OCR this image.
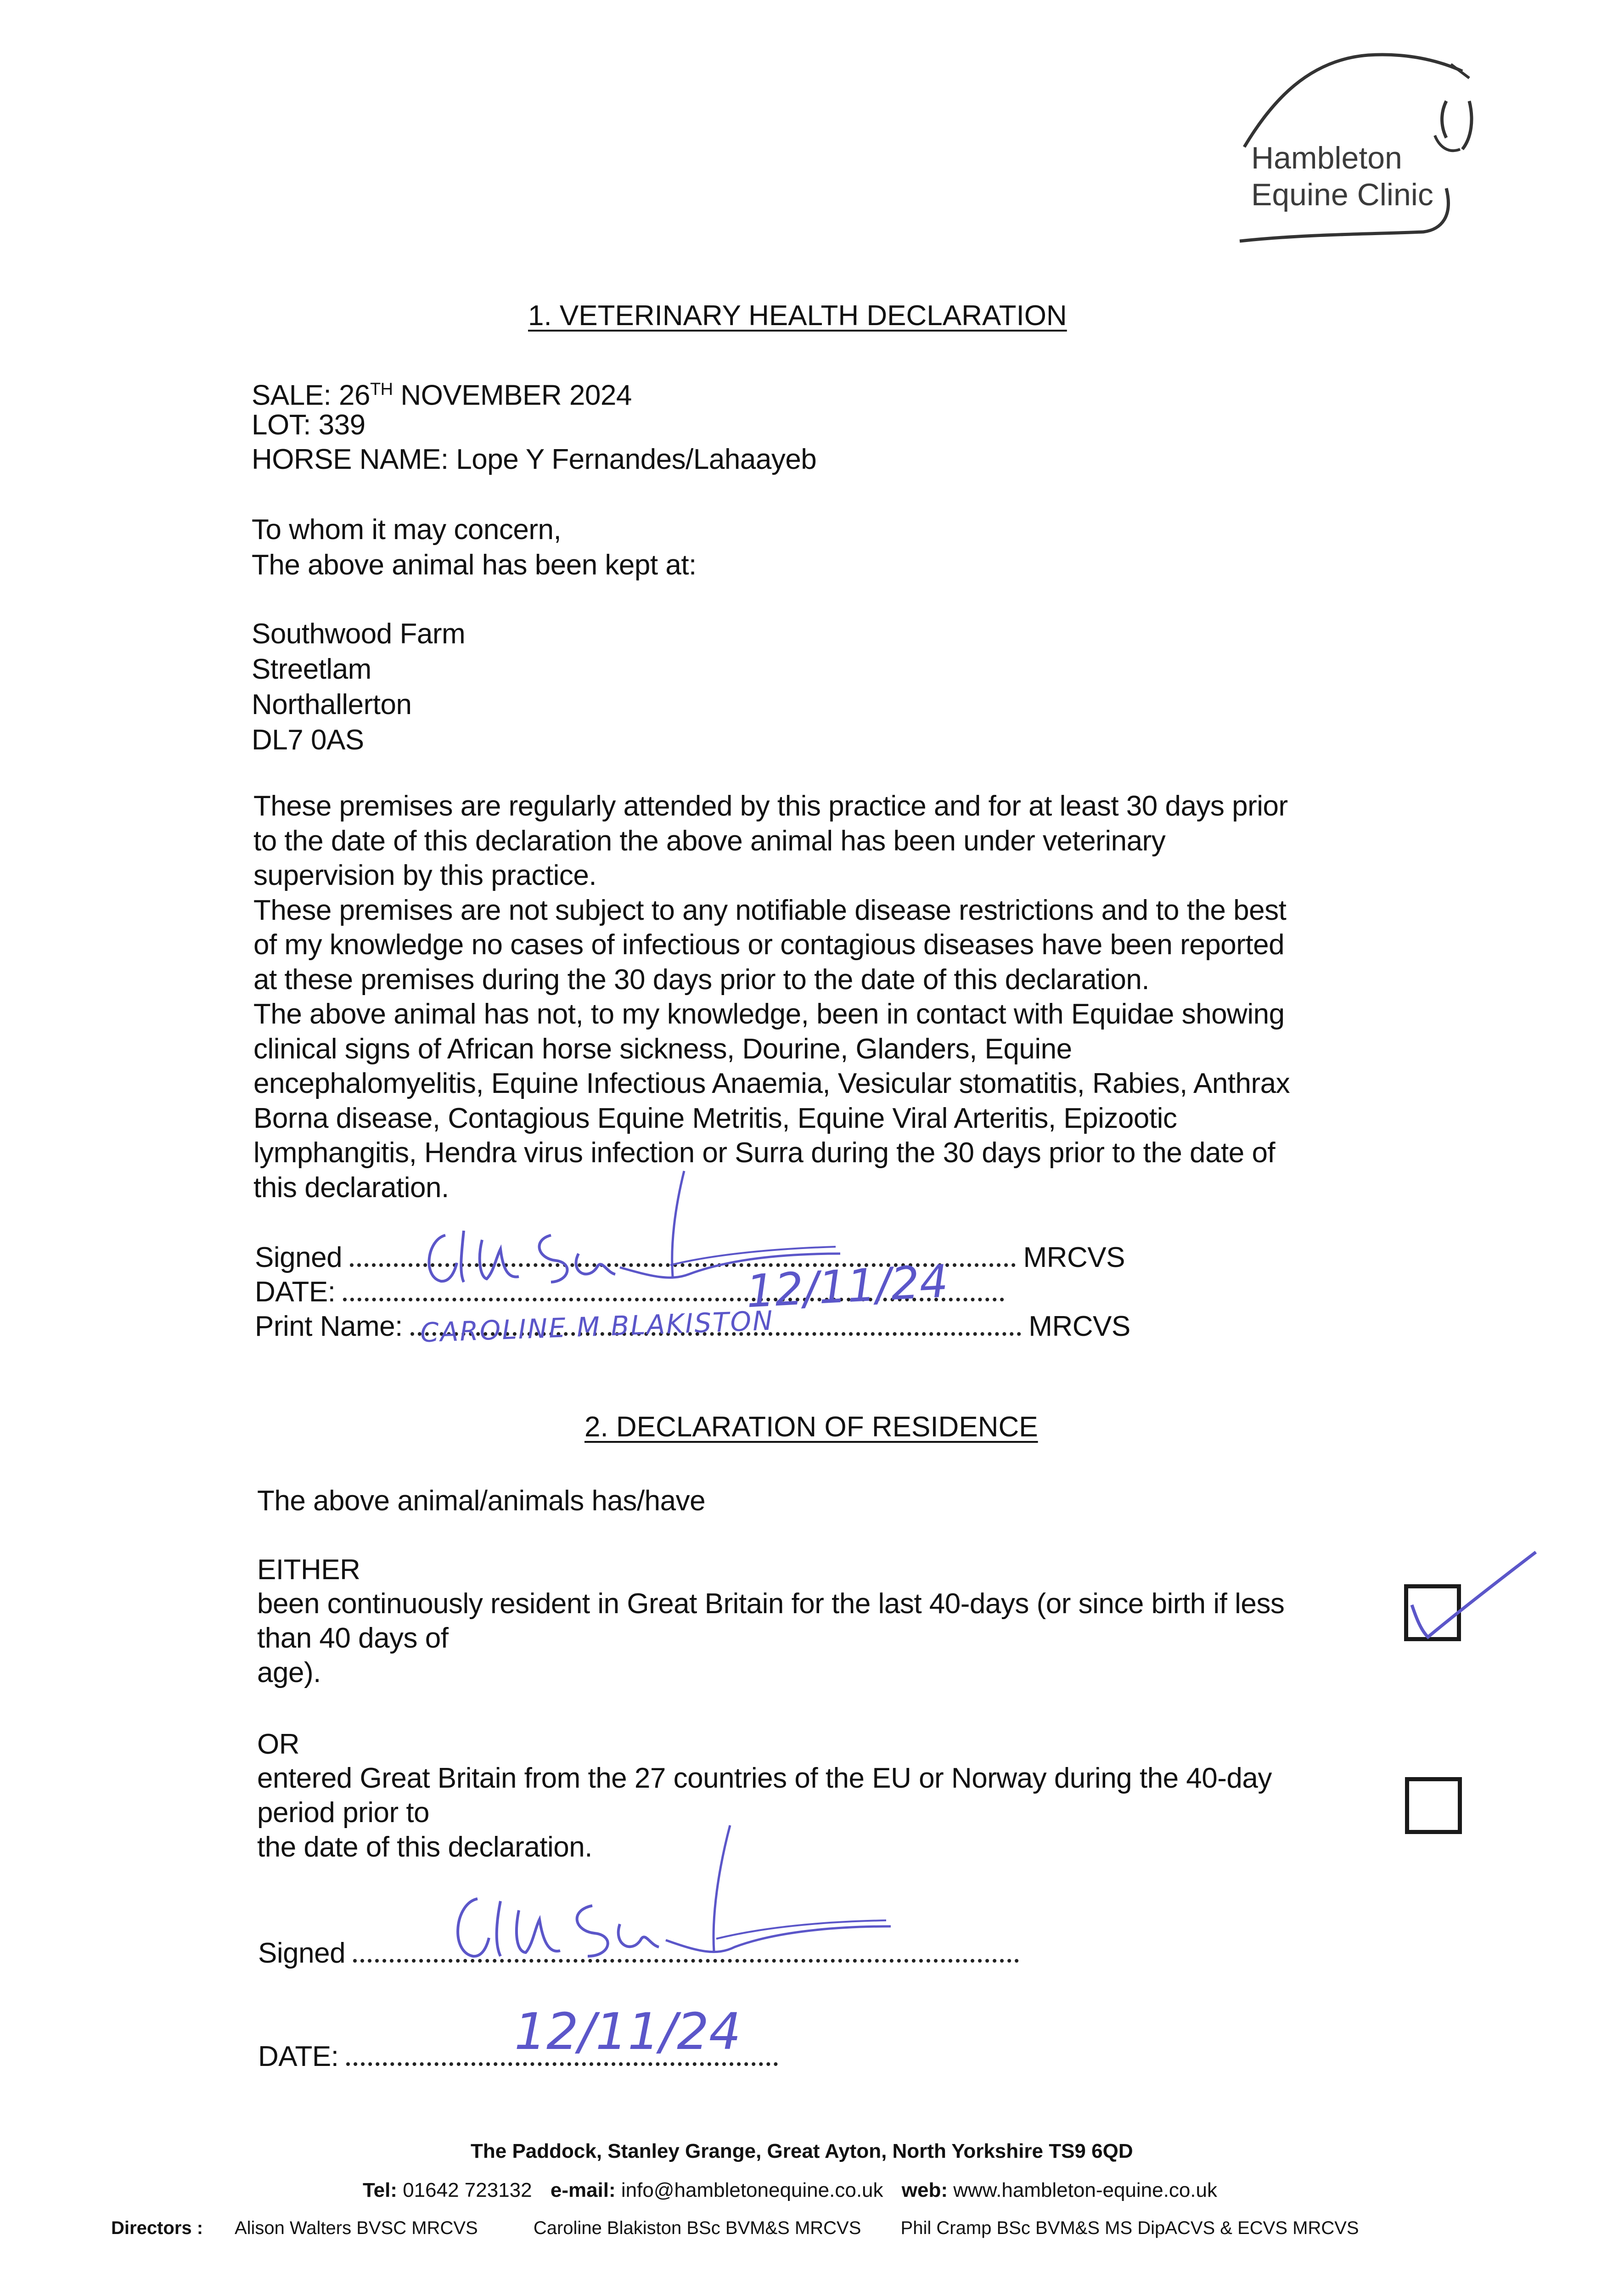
Hambleton
Equine Clinic
1. VETERINARY HEALTH DECLARATION
SALE: 26TH NOVEMBER 2024
LOT: 339
HORSE NAME: Lope Y Fernandes/Lahaayeb
To whom it may concern,
The above animal has been kept at:
Southwood Farm
Streetlam
Northallerton
DL7 0AS
These premises are regularly attended by this practice and for at least 30 days prior
to the date of this declaration the above animal has been under veterinary
supervision by this practice.
These premises are not subject to any notifiable disease restrictions and to the best
of my knowledge no cases of infectious or contagious diseases have been reported
at these premises during the 30 days prior to the date of this declaration.
The above animal has not, to my knowledge, been in contact with Equidae showing
clinical signs of African horse sickness, Dourine, Glanders, Equine
encephalomyelitis, Equine Infectious Anaemia, Vesicular stomatitis, Rabies, Anthrax
Borna disease, Contagious Equine Metritis, Equine Viral Arteritis, Epizootic
lymphangitis, Hendra virus infection or Surra during the 30 days prior to the date of
this declaration.
Signed	MRCVS
DATE:
Print Name:	MRCVS
12/11/24
CAROLINE M BLAKISTON
2. DECLARATION OF RESIDENCE
The above animal/animals has/have
EITHER
been continuously resident in Great Britain for the last 40-days (or since birth if less
than 40 days of
age).
OR
entered Great Britain from the 27 countries of the EU or Norway during the 40-day
period prior to
the date of this declaration.
Signed
DATE:	12/11/24
The Paddock, Stanley Grange, Great Ayton, North Yorkshire TS9 6QD
Tel: 01642 723132 e-mail: info@hambletonequine.co.uk web: www.hambleton-equine.co.uk
Directors : Alison Walters BVSC MRCVS	Caroline Blakiston BSc BVM&S MRCVS Phil Cramp BSc BVM&S MS DipACVS & ECVS MRCVS
